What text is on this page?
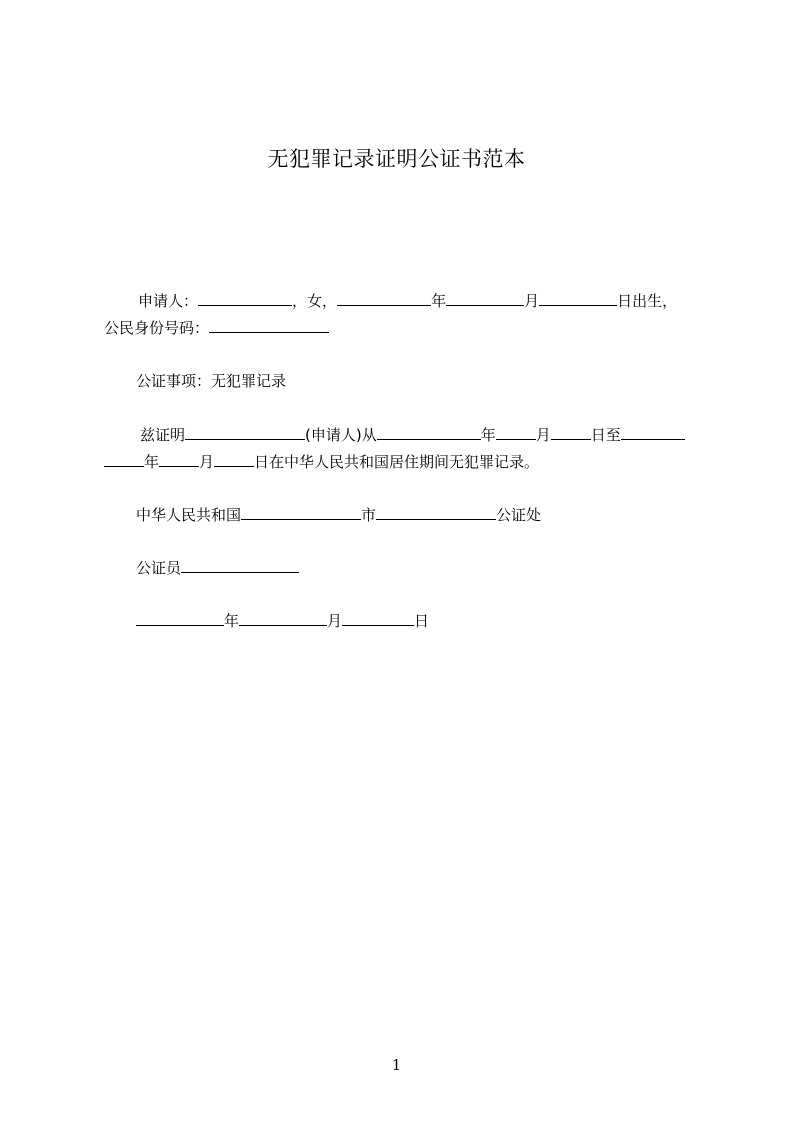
无犯罪记录证明公证书范本
申请人：	，女，	年	月	日出生，
公民身份号码：
公证事项：无犯罪记录
兹证明	(申请人)从	年	月	日至
年	月	日在中华人民共和国居住期间无犯罪记录。
中华人民共和国	市	公证处
公证员
年	月	日
1
